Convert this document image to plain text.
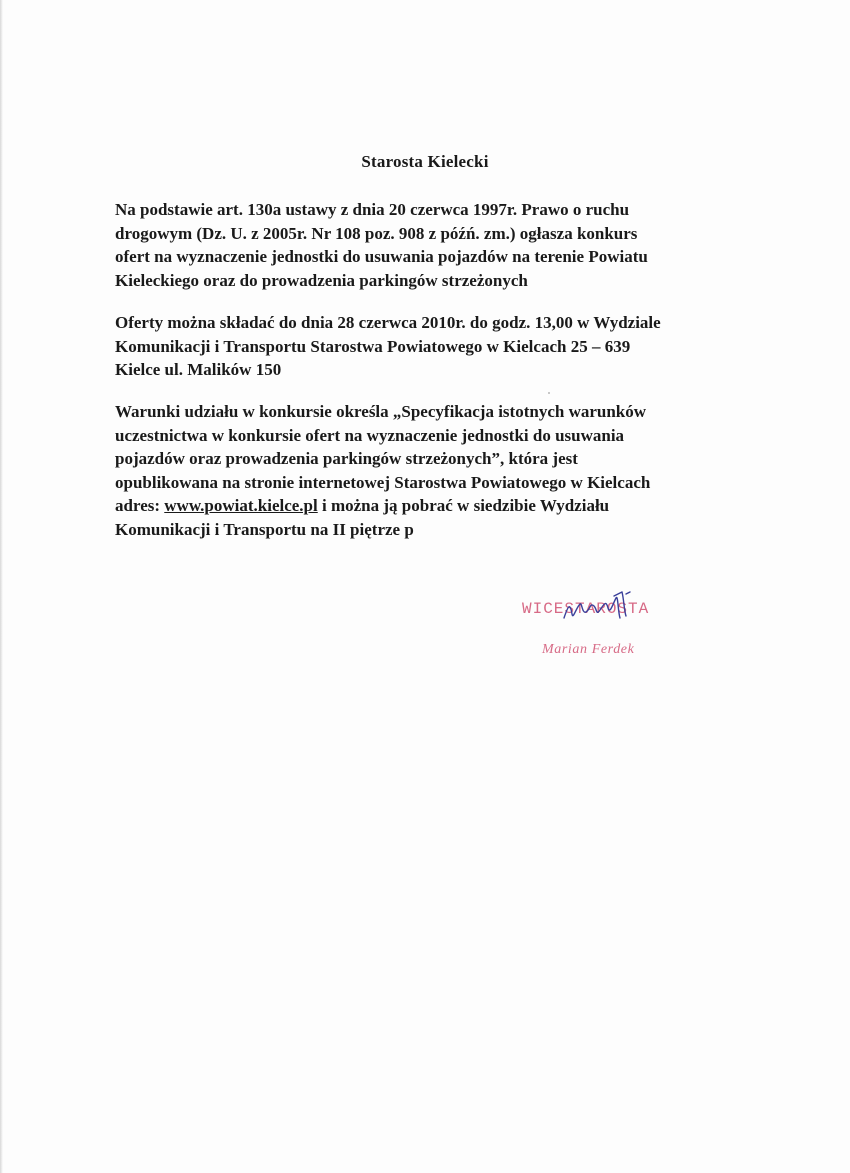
Starosta Kielecki

Na podstawie art. 130a ustawy z dnia 20 czerwca 1997r. Prawo o ruchu
drogowym (Dz. U. z 2005r. Nr 108 poz. 908 z późń. zm.) ogłasza konkurs
ofert na wyznaczenie jednostki do usuwania pojazdów na terenie Powiatu
Kieleckiego oraz do prowadzenia parkingów strzeżonych

Oferty można składać do dnia 28 czerwca 2010r. do godz. 13,00 w Wydziale
Komunikacji i Transportu Starostwa Powiatowego w Kielcach 25 – 639
Kielce ul. Malików 150

Warunki udziału w konkursie określa „Specyfikacja istotnych warunków
uczestnictwa w konkursie ofert na wyznaczenie jednostki do usuwania
pojazdów oraz prowadzenia parkingów strzeżonych”, która jest
opublikowana na stronie internetowej Starostwa Powiatowego w Kielcach
adres: www.powiat.kielce.pl i można ją pobrać w siedzibie Wydziału
Komunikacji i Transportu na II piętrze p

WICESTAROSTA
Marian Ferdek
